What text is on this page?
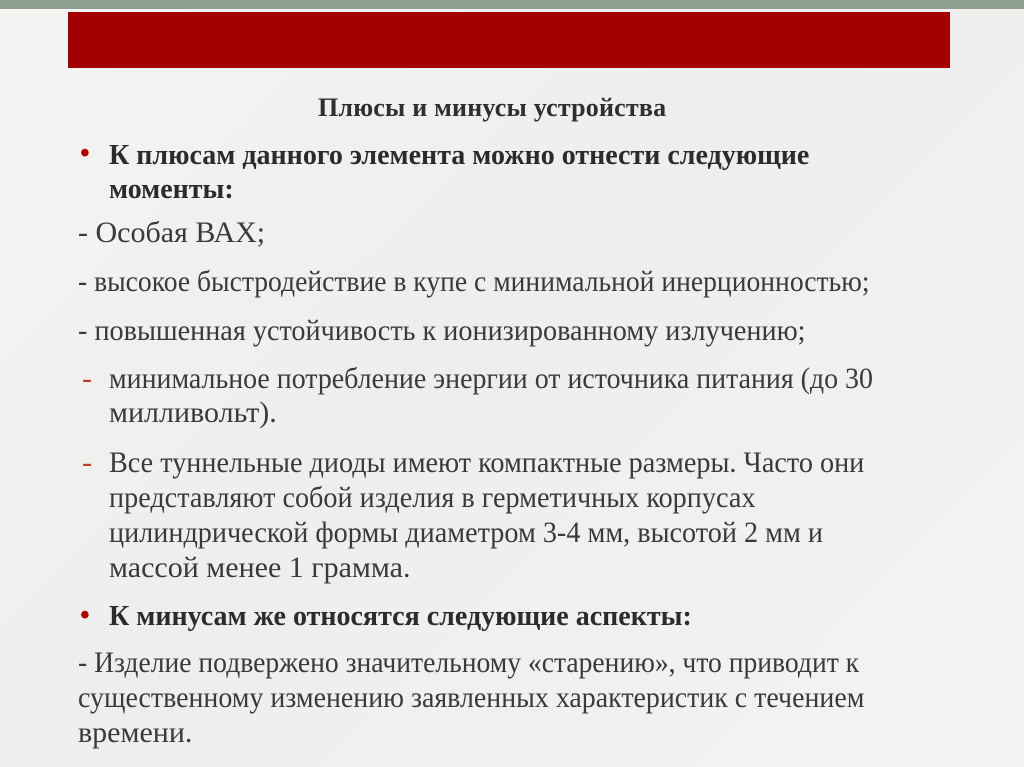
Плюсы и минусы устройства
• К плюсам данного элемента можно отнести следующие
моменты:
- Особая ВАХ;
- высокое быстродействие в купе с минимальной инерционностью;
- повышенная устойчивость к ионизированному излучению;
- минимальное потребление энергии от источника питания (до 30
милливольт).
- Все туннельные диоды имеют компактные размеры. Часто они
представляют собой изделия в герметичных корпусах
цилиндрической формы диаметром 3-4 мм, высотой 2 мм и
массой менее 1 грамма.
• К минусам же относятся следующие аспекты:
- Изделие подвержено значительному «старению», что приводит к
существенному изменению заявленных характеристик с течением
времени.
